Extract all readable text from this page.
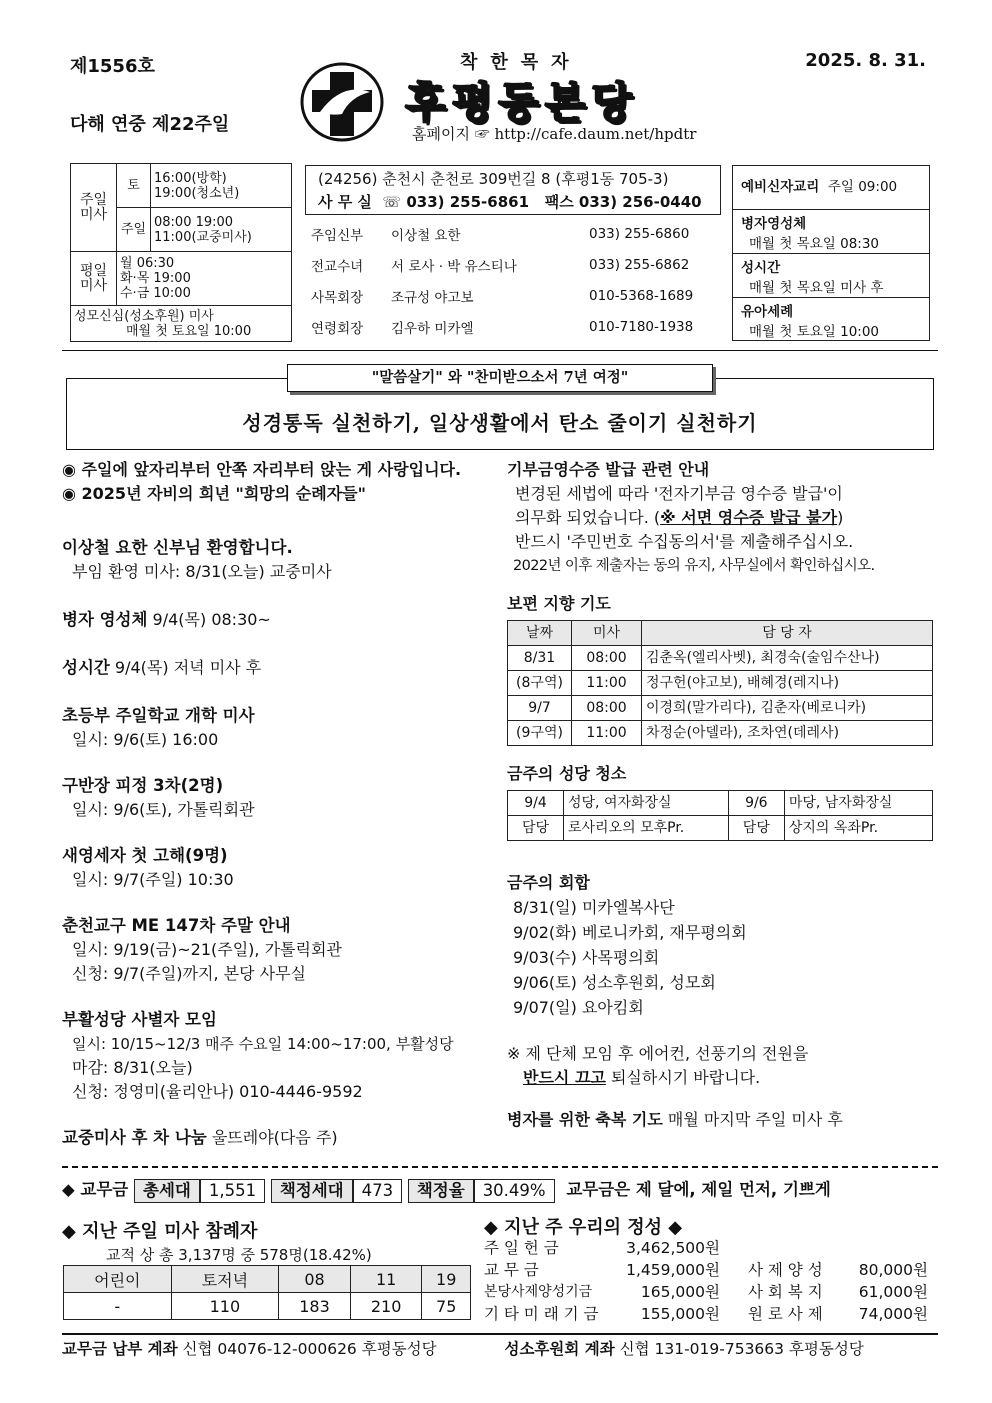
제1556호
다해 연중 제22주일
2025. 8. 31.
착한목자
후평동본당
홈페이지 ☞ http://cafe.daum.net/hpdtr
주일미사	토	16:00(방학)
19:00(청소년)

	주일	08:00 19:00
11:00(교중미사)

평일미사	월 06:30
화·목 19:00
수·금 10:00	

성모신심(성소후원) 미사
매월 첫 토요일 10:00		
(24256) 춘천시 춘천로 309번길 8 (후평1동 705-3)
사 무 실 ☏ 033) 255-6861 팩스 033) 256-0440
주임신부	이상철 요한	033) 255-6860
전교수녀	서 로사 · 박 유스티나	033) 255-6862
사목회장	조규성 야고보	010-5368-1689
연령회장	김우하 미카엘	010-7180-1938
예비신자교리 주일 09:00
병자영성체
매월 첫 목요일 08:30
성시간
매월 첫 목요일 미사 후
유아세례
매월 첫 토요일 10:00
"말씀살기" 와 "찬미받으소서 7년 여정"
성경통독 실천하기, 일상생활에서 탄소 줄이기 실천하기
◉ 주일에 앞자리부터 안쪽 자리부터 앉는 게 사랑입니다.
◉ 2025년 자비의 희년 "희망의 순례자들"
이상철 요한 신부님 환영합니다.
부임 환영 미사: 8/31(오늘) 교중미사
병자 영성체 9/4(목) 08:30~
성시간 9/4(목) 저녁 미사 후
초등부 주일학교 개학 미사
일시: 9/6(토) 16:00
구반장 피정 3차(2명)
일시: 9/6(토), 가톨릭회관
새영세자 첫 고해(9명)
일시: 9/7(주일) 10:30
춘천교구 ME 147차 주말 안내
일시: 9/19(금)~21(주일), 가톨릭회관
신청: 9/7(주일)까지, 본당 사무실
부활성당 사별자 모임
일시: 10/15~12/3 매주 수요일 14:00~17:00, 부활성당
마감: 8/31(오늘)
신청: 정영미(율리안나) 010-4446-9592
교중미사 후 차 나눔 울뜨레야(다음 주)
기부금영수증 발급 관련 안내
변경된 세법에 따라 '전자기부금 영수증 발급'이
의무화 되었습니다. (※ 서면 영수증 발급 불가)
반드시 '주민번호 수집동의서'를 제출해주십시오.
2022년 이후 제출자는 동의 유지, 사무실에서 확인하십시오.
보편 지향 기도
날짜	미사	담 당 자
8/31	08:00	김춘옥(엘리사벳), 최경숙(술임수산나)
(8구역)	11:00	정구헌(야고보), 배혜경(레지나)
9/7	08:00	이경희(말가리다), 김춘자(베로니카)
(9구역)	11:00	차정순(아델라), 조차연(데레사)
금주의 성당 청소
9/4	성당, 여자화장실	9/6	마당, 남자화장실
담당	로사리오의 모후Pr.	담당	상지의 옥좌Pr.
금주의 회합
8/31(일) 미카엘복사단
9/02(화) 베로니카회, 재무평의회
9/03(수) 사목평의회
9/06(토) 성소후원회, 성모회
9/07(일) 요아킴회
※ 제 단체 모임 후 에어컨, 선풍기의 전원을
반드시 끄고 퇴실하시기 바랍니다.
병자를 위한 축복 기도 매월 마지막 주일 미사 후
◆ 교무금 총세대 1,551 책정세대 473 책정율 30.49% 교무금은 제 달에, 제일 먼저, 기쁘게
◆ 지난 주일 미사 참례자
교적 상 총 3,137명 중 578명(18.42%)
어린이	토저녁	08	11	19
-	110	183	210	75
◆ 지난 주 우리의 정성 ◆
주 일 헌 금	3,462,500원
교 무 금	1,459,000원	사 제 양 성	80,000원
본당사제양성기금	165,000원	사 회 복 지	61,000원
기 타 미 래 기 금	155,000원	원 로 사 제	74,000원
교무금 납부 계좌 신협 04076-12-000626 후평동성당	성소후원회 계좌 신협 131-019-753663 후평동성당
